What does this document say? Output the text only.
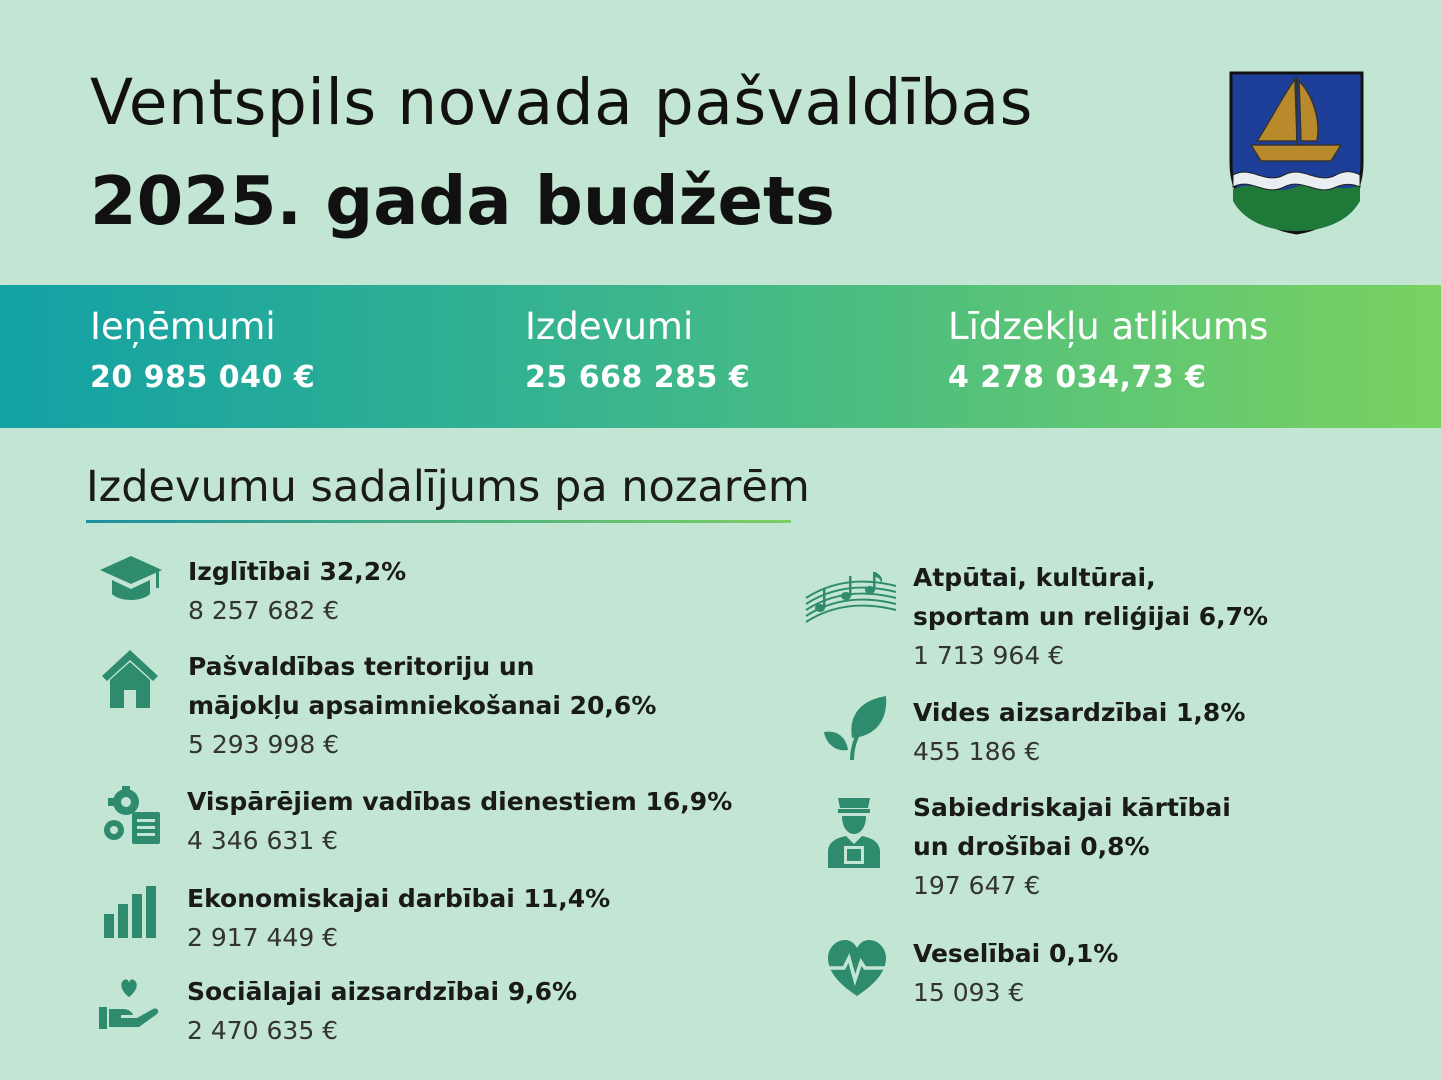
Ventspils novada pašvaldības
2025. gada budžets
Ieņēmumi
20 985 040 €
Izdevumi
25 668 285 €
Līdzekļu atlikums
4 278 034,73 €
Izdevumu sadalījums pa nozarēm
Izglītībai 32,2%
8 257 682 €
Pašvaldības teritoriju un
mājokļu apsaimniekošanai 20,6%
5 293 998 €
Vispārējiem vadības dienestiem 16,9%
4 346 631 €
Ekonomiskajai darbībai 11,4%
2 917 449 €
Sociālajai aizsardzībai 9,6%
2 470 635 €
Atpūtai, kultūrai,
sportam un reliģijai 6,7%
1 713 964 €
Vides aizsardzībai 1,8%
455 186 €
Sabiedriskajai kārtībai
un drošībai 0,8%
197 647 €
Veselībai 0,1%
15 093 €
